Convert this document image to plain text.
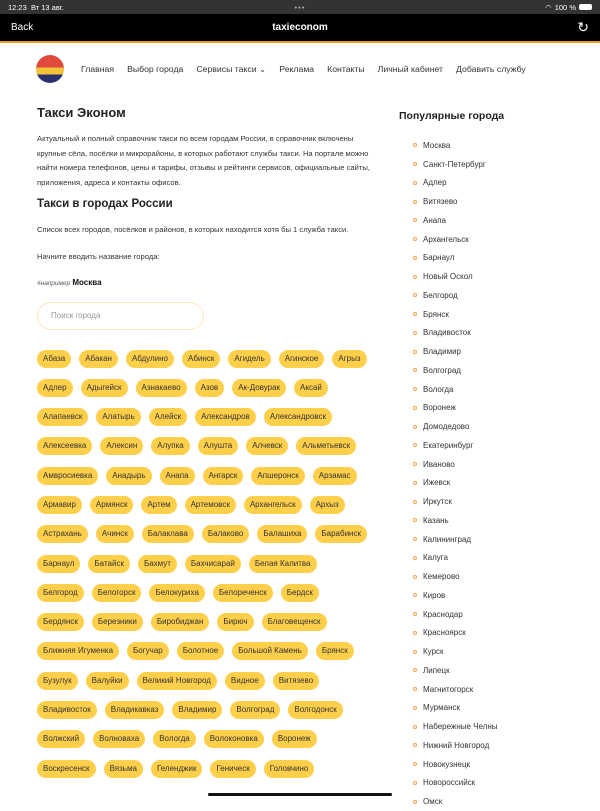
12:23
Вт 13 авг.	•••	◠ 100 %
Back	taxieconom	↻
Главная Выбор города Сервисы такси ⌄ Реклама Контакты Личный кабинет Добавить службу
Такси Эконом

Актуальный и полный справочник такси по всем городам России, в справочник включены крупные сёла, посёлки и микрорайоны, в которых работают службы такси. На портале можно найти номера телефонов, цены и тарифы, отзывы и рейтинги сервисов, официальные сайты, приложения, адреса и контакты офисов.

Такси в городах России

Список всех городов, посёлков и районов, в которых находится хотя бы 1 служба такси.

Начните вводить название города:

#например Москва

Поиск города
Абаза	Абакан	Абдулино	Абинск	Агидель	Агинское	Агрыз
Адлер	Адыгейск	Азнакаево	Азов	Ак-Довурак	Аксай
Алапаевск	Алатырь	Алейск	Александров	Александровск
Алексеевка	Алексин	Алупка	Алушта	Алчевск	Альметьевск
Амвросиевка	Анадырь	Анапа	Ангарск	Апшеронск	Арзамас
Армавир	Армянск	Артем	Артемовск	Архангельск	Архыз
Астрахань	Ачинск	Балаклава	Балаково	Балашиха	Барабинск
Барнаул	Батайск	Бахмут	Бахчисарай	Белая Калитва
Белгород	Белогорск	Белокуриха	Белореченск	Бердск
Бердянск	Березники	Биробиджан	Бирюч	Благовещенск
Ближняя Игуменка	Богучар	Болотное	Большой Камень	Брянск
Бузулук	Валуйки	Великий Новгород	Видное	Витязево
Владивосток	Владикавказ	Владимир	Волгоград	Волгодонск
Волжский	Волноваха	Вологда	Волоконовка	Воронеж
Воскресенск	Вязьма	Геленджик	Геническ	Головчино
Популярные города
Москва
Санкт-Петербург
Адлер
Витязево
Анапа
Архангельск
Барнаул
Новый Оскол
Белгород
Брянск
Владивосток
Владимир
Волгоград
Вологда
Воронеж
Домодедово
Екатеринбург
Иваново
Ижевск
Иркутск
Казань
Калининград
Калуга
Кемерово
Киров
Краснодар
Красноярск
Курск
Липецк
Магнитогорск
Мурманск
Набережные Челны
Нижний Новгород
Новокузнецк
Новороссийск
Омск
